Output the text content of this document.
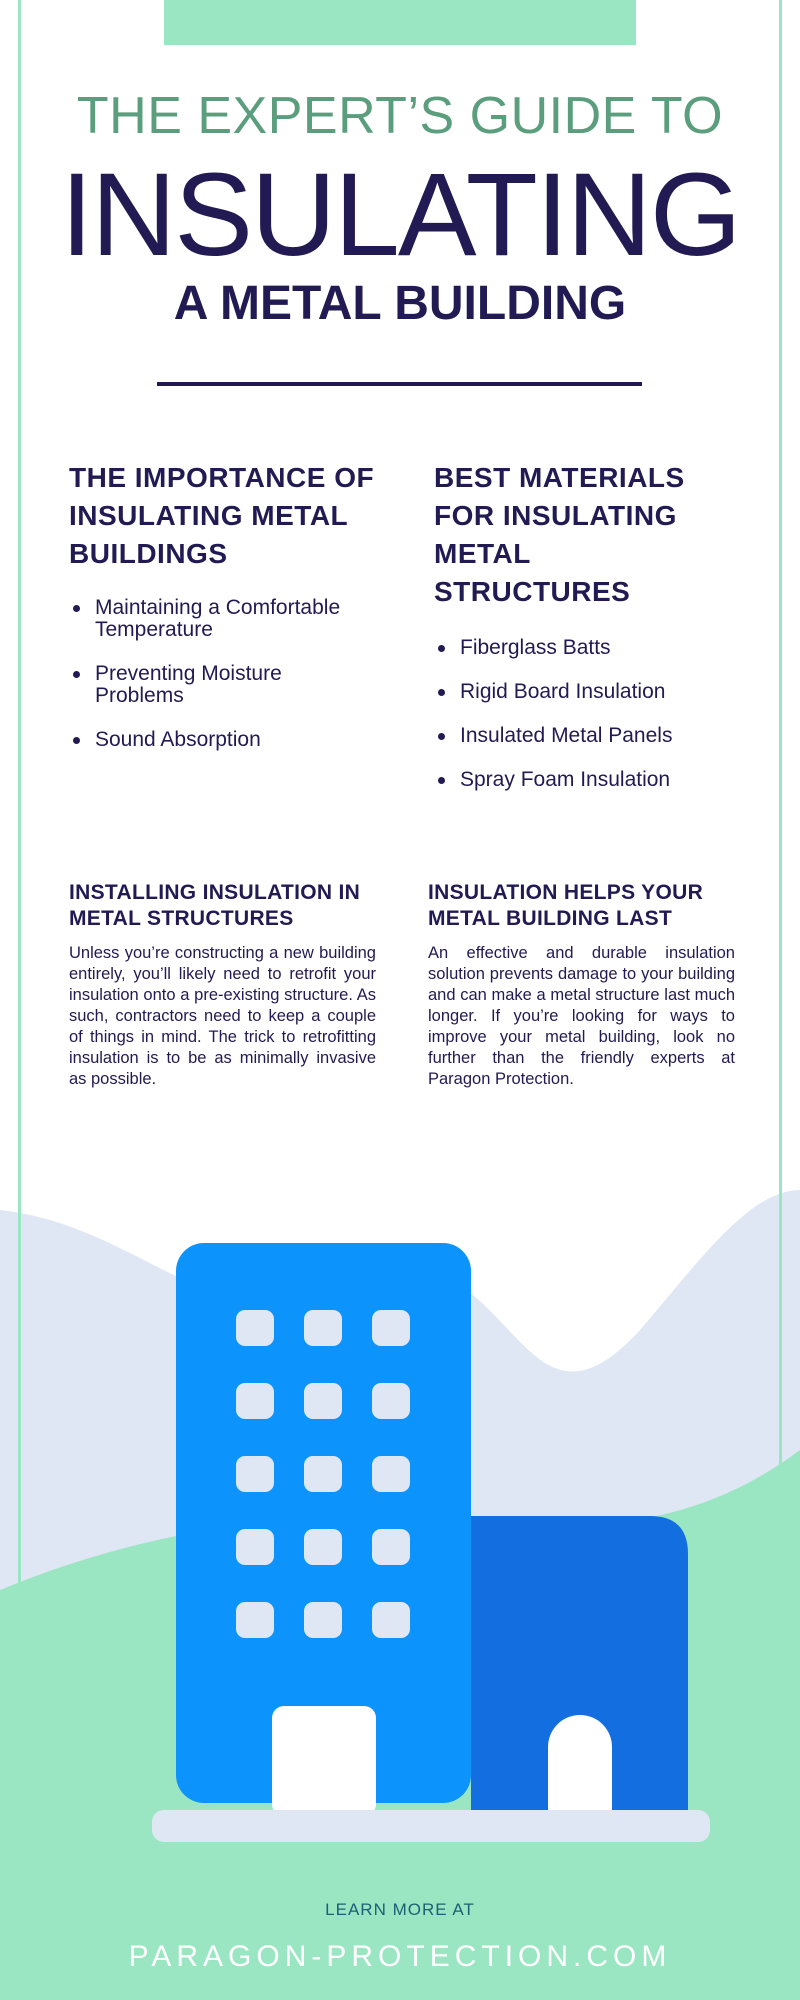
THE EXPERT’S GUIDE TO
INSULATING
A METAL BUILDING
THE IMPORTANCE OF INSULATING METAL BUILDINGS
Maintaining a Comfortable Temperature
Preventing Moisture Problems
Sound Absorption
BEST MATERIALS FOR INSULATING METAL STRUCTURES
Fiberglass Batts
Rigid Board Insulation
Insulated Metal Panels
Spray Foam Insulation
INSTALLING INSULATION IN METAL STRUCTURES

Unless you’re constructing a new building entirely, you’ll likely need to retrofit your insulation onto a pre-existing structure. As such, contractors need to keep a couple of things in mind. The trick to retrofitting insulation is to be as minimally invasive as possible.

INSULATION HELPS YOUR METAL BUILDING LAST

An effective and durable insulation solution prevents damage to your building and can make a metal structure last much longer. If you’re looking for ways to improve your metal building, look no further than the friendly experts at Paragon Protection.

LEARN MORE AT
PARAGON-PROTECTION.COM
